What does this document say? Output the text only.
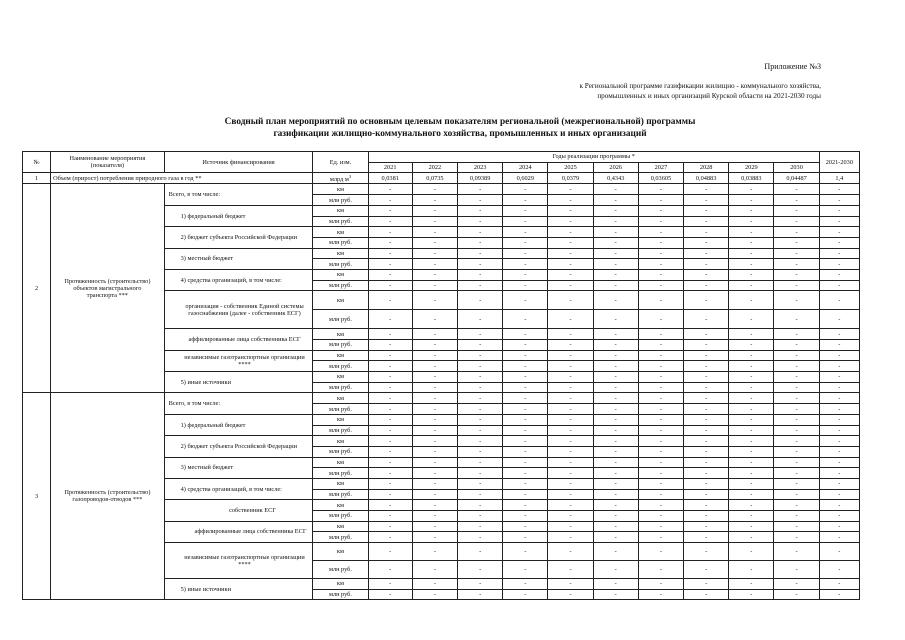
Приложение №3
к Региональной программе газификации жилищно - коммунального хозяйства,
промышленных и иных организаций Курской области на 2021-2030 годы
Сводный план мероприятий по основным целевым показателям региональной (межрегиональной) программы
газификации жилищно-коммунального хозяйства, промышленных и иных организаций
№	Наименование мероприятия (показателя)	Источник финансирования	Ед. изм.	Годы реализации программы *										2021-2030
				2021	2022	2023	2024	2025	2026	2027	2028	2029	2030	
1	Объем (прирост) потребления природного газа в год **		млрд $м^3$	0,0381	0,0735	0,09389	0,6029	0,0379	0,4343	0,03605	0,04883	0,03883	0,04487	1,4
2	Протяженность (строительство) объектов магистрального транспорта ***	Всего, в том числе:	км	-	-	-	-	-	-	-	-	-	-	-
			млн руб.	-	-	-	-	-	-	-	-	-	-	-
		1) федеральный бюджет	км	-	-	-	-	-	-	-	-	-	-	-
			млн руб.	-	-	-	-	-	-	-	-	-	-	-
		2) бюджет субъекта Российской Федерации	км	-	-	-	-	-	-	-	-	-	-	-
			млн руб.	-	-	-	-	-	-	-	-	-	-	-
		3) местный бюджет	км	-	-	-	-	-	-	-	-	-	-	-
			млн руб.	-	-	-	-	-	-	-	-	-	-	-
		4) средства организаций, в том числе:	км	-	-	-	-	-	-	-	-	-	-	-
			млн руб.	-	-	-	-	-	-	-	-	-	-	-
		организация - собственник Единой системы газоснабжения (далее - собственник ЕСГ)	км	-	-	-	-	-	-	-	-	-	-	-
			млн руб.	-	-	-	-	-	-	-	-	-	-	-
		аффилированные лица собственника ЕСГ	км	-	-	-	-	-	-	-	-	-	-	-
			млн руб.	-	-	-	-	-	-	-	-	-	-	-
		независимые газотранспортные организации ****	км	-	-	-	-	-	-	-	-	-	-	-
			млн руб.	-	-	-	-	-	-	-	-	-	-	-
		5) иные источники	км	-	-	-	-	-	-	-	-	-	-	-
			млн руб.	-	-	-	-	-	-	-	-	-	-	-
3	Протяженность (строительство) газопроводов-отводов ***	Всего, в том числе:	км	-	-	-	-	-	-	-	-	-	-	-
			млн руб.	-	-	-	-	-	-	-	-	-	-	-
		1) федеральный бюджет	км	-	-	-	-	-	-	-	-	-	-	-
			млн руб.	-	-	-	-	-	-	-	-	-	-	-
		2) бюджет субъекта Российской Федерации	км	-	-	-	-	-	-	-	-	-	-	-
			млн руб.	-	-	-	-	-	-	-	-	-	-	-
		3) местный бюджет	км	-	-	-	-	-	-	-	-	-	-	-
			млн руб.	-	-	-	-	-	-	-	-	-	-	-
		4) средства организаций, в том числе:	км	-	-	-	-	-	-	-	-	-	-	-
			млн руб.	-	-	-	-	-	-	-	-	-	-	-
		собственник ЕСГ	км	-	-	-	-	-	-	-	-	-	-	-
			млн руб.	-	-	-	-	-	-	-	-	-	-	-
		аффилированные лица собственника ЕСГ	км	-	-	-	-	-	-	-	-	-	-	-
			млн руб.	-	-	-	-	-	-	-	-	-	-	-
		независимые газотранспортные организации ****	км	-	-	-	-	-	-	-	-	-	-	-
			млн руб.	-	-	-	-	-	-	-	-	-	-	-
		5) иные источники	км	-	-	-	-	-	-	-	-	-	-	-
			млн руб.	-	-	-	-	-	-	-	-	-	-	-
